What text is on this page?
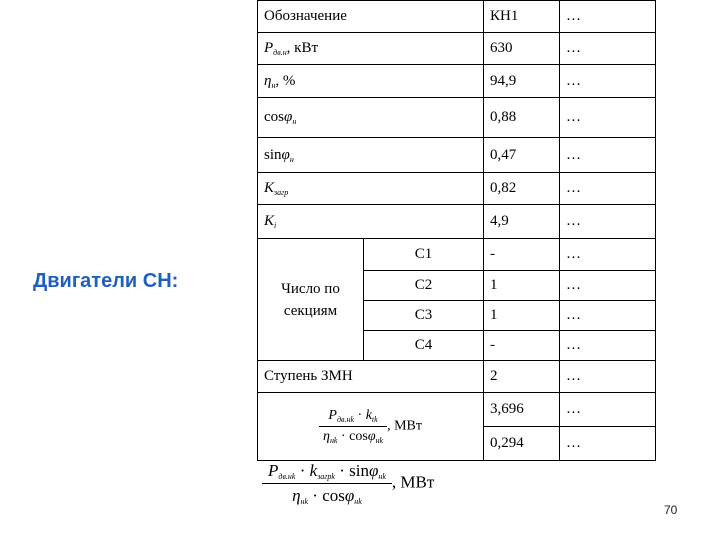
Двигатели СН:
Обозначение		КН1	…
$P_{дв.н}$, кВт		630	…
$\eta_н$, %		94,9	…
cosφ$_н$		0,88	…
sinφ$_н$		0,47	…
$K_{загр}$		0,82	…
$K_i$		4,9	…
Число по секциям	С1	-	…
	С2	1	…
	С3	1	…
	С4	-	…
Ступень ЗМН		2	…

$\frac{P_{дв.нk} \cdot k_{tk}}{\eta_{нk} \cdot \cos\varphi_{нk}}$ , МВт		3,696	…
		0,294	…
$\frac{P_{дв.нk} \cdot k_{загрk} \cdot \sin\varphi_{нk}}{\eta_{нk} \cdot \cos\varphi_{нk}}$ , МВт
70
